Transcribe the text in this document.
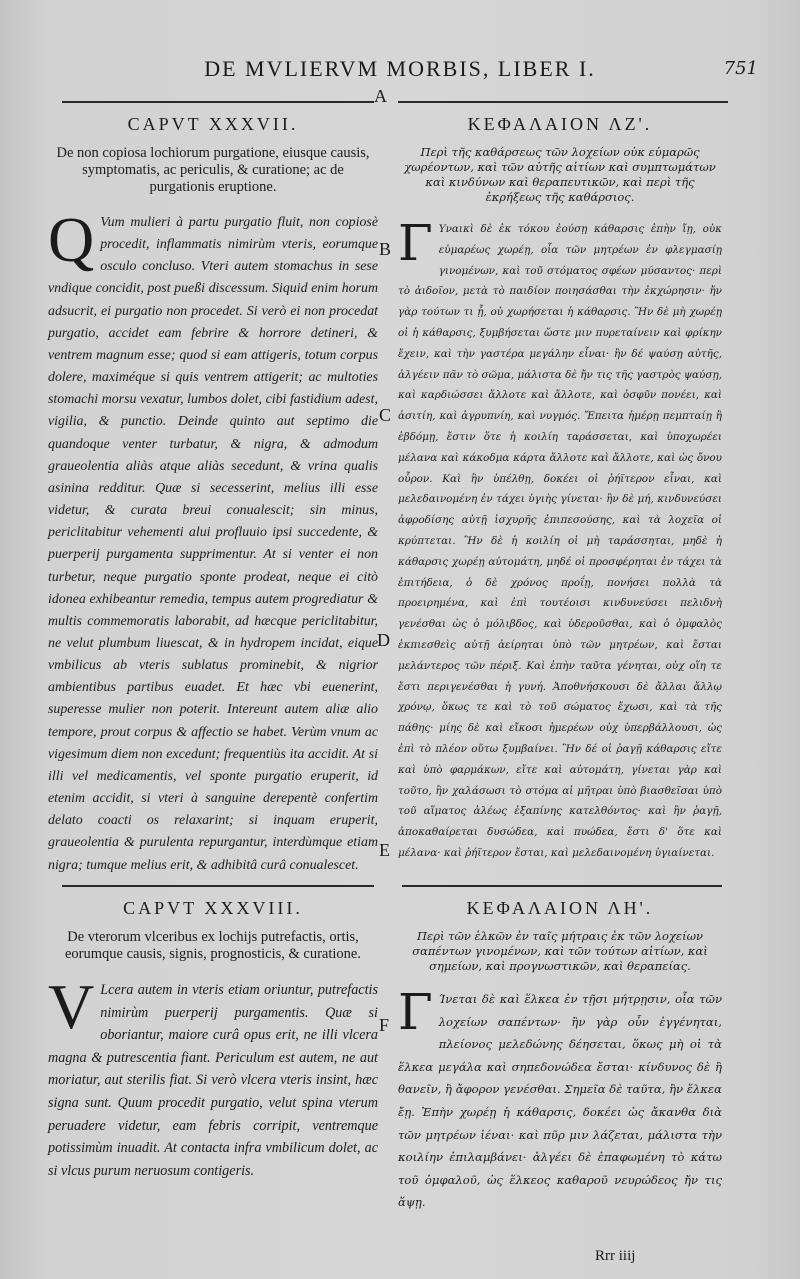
DE MVLIERVM MORBIS, LIBER I.	751
A
B
C
D
E
F
CAPVT XXXVII.
De non copiosa lochiorum purgatione, eiusque causis, symptomatis, ac periculis, & curatione; ac de purgationis eruptione.
Q Vum mulieri à partu purgatio fluit, non copiosè procedit, inflammatis nimirùm vteris, eorumque osculo concluso. Vteri autem stomachus in sese vndique concidit, post pueßi discessum. Siquid enim horum adsucrit, ei purgatio non procedet. Si verò ei non procedat purgatio, accidet eam febrire & horrore detineri, & ventrem magnum esse; quod si eam attigeris, totum corpus dolere, maximéque si quis ventrem attigerit; ac multoties stomachi morsu vexatur, lumbos dolet, cibi fastidium adest, vigilia, & punctio. Deinde quinto aut septimo die quandoque venter turbatur, & nigra, & admodum graueolentia aliàs atque aliàs secedunt, & vrina qualis asinina redditur. Quæ si secesserint, melius illi esse videtur, & curata breui conualescit; sin minus, periclitabitur vehementi alui profluuio ipsi succedente, & puerperij purgamenta supprimentur. At si venter ei non turbetur, neque purgatio sponte prodeat, neque ei citò idonea exhibeantur remedia, tempus autem progrediatur & multis commemoratis laborabit, ad hæcque periclitabitur, ne velut plumbum liuescat, & in hydropem incidat, eique vmbilicus ab vteris sublatus prominebit, & nigrior ambientibus partibus euadet. Et hæc vbi euenerint, superesse mulier non poterit. Intereunt autem aliæ alio tempore, prout corpus & affectio se habet. Verùm vnum ac vigesimum diem non excedunt; frequentiùs ita accidit. At si illi vel medicamentis, vel sponte purgatio eruperit, id etenim accidit, si vteri à sanguine derepentè confertim delato coacti os relaxarint; si inquam eruperit, graueolentia & purulenta repurgantur, interdùmque etiam nigra; tumque melius erit, & adhibitâ curâ conualescet.
ΚΕΦΑΛΑΙΟΝ ΛΖ'.
Περὶ τῆς καθάρσεως τῶν λοχείων οὐκ εὐμαρῶς χωρέοντων, καὶ τῶν αὐτῆς αἰτίων καὶ συμπτωμάτων καὶ κινδύνων καὶ θεραπευτικῶν, καὶ περὶ τῆς ἐκρήξεως τῆς καθάρσιος.
Γ Υναικὶ δὲ ἐκ τόκου ἐούσῃ κάθαρσις ἐπὴν ἴῃ, οὐκ εὐμαρέως χωρέῃ, οἷα τῶν μητρέων ἐν φλεγμασίῃ γινομένων, καὶ τοῦ στόματος σφέων μύσαντος· περὶ τὸ ἀιδοῖον, μετὰ τὸ παιδίον ποιησάσθαι τὴν ἐκχώρησιν· ἤν γὰρ τούτων τι ᾖ, οὐ χωρήσεται ἡ κάθαρσις. Ἢν δὲ μὴ χωρέῃ οἱ ἡ κάθαρσις, ξυμβήσεται ὥστε μιν πυρεταίνειν καὶ φρίκην ἔχειν, καὶ τὴν γαστέρα μεγάλην εἶναι· ἢν δέ ψαύσῃ αὐτῆς, ἀλγέειν πᾶν τὸ σῶμα, μάλιστα δὲ ἤν τις τῆς γαστρὸς ψαύσῃ, καὶ καρδιώσσει ἄλλοτε καὶ ἄλλοτε, καὶ ὀσφῦν πονέει, καὶ ἀσιτίη, καὶ ἀγρυπνίη, καὶ νυγμός. Ἔπειτα ἡμέρῃ πεμπταίῃ ἢ ἑβδόμῃ, ἔστιν ὅτε ἡ κοιλίη ταράσσεται, καὶ ὑποχωρέει μέλανα καὶ κάκοδμα κάρτα ἄλλοτε καὶ ἄλλοτε, καὶ ὡς ὄνου οὖρον. Καὶ ἢν ὑπέλθῃ, δοκέει οἱ ῥήϊτερον εἶναι, καὶ μελεδαινομένη ἐν τάχει ὑγιὴς γίνεται· ἢν δὲ μή, κινδυνεύσει ἀφροδίσης αὐτῇ ἰσχυρῆς ἐπιπεσούσης, καὶ τὰ λοχεῖα οἱ κρύπτεται. Ἢν δὲ ἡ κοιλίη οἱ μὴ ταράσσηται, μηδὲ ἡ κάθαρσις χωρέῃ αὐτομάτη, μηδέ οἱ προσφέρηται ἐν τάχει τὰ ἐπιτήδεια, ὁ δὲ χρόνος προΐῃ, πονήσει πολλὰ τὰ προειρημένα, καὶ ἐπὶ τουτέοισι κινδυνεύσει πελιδνὴ γενέσθαι ὡς ὁ μόλιβδος, καὶ ὑδεροῦσθαι, καὶ ὁ ὀμφαλὸς ἐκπιεσθεὶς αὐτῇ ἀείρηται ὑπὸ τῶν μητρέων, καὶ ἔσται μελάντερος τῶν πέριξ. Καὶ ἐπὴν ταῦτα γένηται, οὐχ οἵη τε ἔστι περιγενέσθαι ἡ γυνή. Ἀποθνήσκουσι δὲ ἄλλαι ἄλλῳ χρόνῳ, ὅκως τε καὶ τὸ τοῦ σώματος ἔχωσι, καὶ τὰ τῆς πάθης· μίης δὲ καὶ εἴκοσι ἡμερέων οὐχ ὑπερβάλλουσι, ὡς ἐπὶ τὸ πλέον οὕτω ξυμβαίνει. Ἢν δέ οἱ ῥαγῇ κάθαρσις εἴτε καὶ ὑπὸ φαρμάκων, εἴτε καὶ αὐτομάτη, γίνεται γὰρ καὶ τοῦτο, ἢν χαλάσωσι τὸ στόμα αἱ μῆτραι ὑπὸ βιασθεῖσαι ὑπὸ τοῦ αἵματος ἀλέως ἐξαπίνης κατελθόντος· καὶ ἢν ῥαγῇ, ἀποκαθαίρεται δυσώδεα, καὶ πυώδεα, ἔστι δ' ὅτε καὶ μέλανα· καὶ ῥήϊτερον ἔσται, καὶ μελεδαινομένη ὑγιαίνεται.
CAPVT XXXVIII.
De vterorum vlceribus ex lochijs putrefactis, ortis, eorumque causis, signis, prognosticis, & curatione.
V Lcera autem in vteris etiam oriuntur, putrefactis nimirùm puerperij purgamentis. Quæ si oboriantur, maiore curâ opus erit, ne illi vlcera magna & putrescentia fiant. Periculum est autem, ne aut moriatur, aut sterilis fiat. Si verò vlcera vteris insint, hæc signa sunt. Quum procedit purgatio, velut spina vterum peruadere videtur, eam febris corripit, ventremque potissimùm inuadit. At contacta infra vmbilicum dolet, ac si vlcus purum neruosum contigeris.
ΚΕΦΑΛΑΙΟΝ ΛΗ'.
Περὶ τῶν ἑλκῶν ἐν ταῖς μήτραις ἐκ τῶν λοχείων σαπέντων γινομένων, καὶ τῶν τούτων αἰτίων, καὶ σημείων, καὶ προγνωστικῶν, καὶ θεραπείας.
Γ Ίνεται δὲ καὶ ἕλκεα ἐν τῇσι μήτρῃσιν, οἷα τῶν λοχείων σαπέντων· ἢν γὰρ οὖν ἐγγένηται, πλείονος μελεδώνης δέησεται, ὅκως μὴ οἱ τὰ ἕλκεα μεγάλα καὶ σηπεδονώδεα ἔσται· κίνδυνος δὲ ἢ θανεῖν, ἢ ἄφορον γενέσθαι. Σημεῖα δὲ ταῦτα, ἢν ἕλκεα ἔῃ. Ἐπὴν χωρέῃ ἡ κάθαρσις, δοκέει ὡς ἄκανθα διὰ τῶν μητρέων ἰέναι· καὶ πῦρ μιν λάζεται, μάλιστα τὴν κοιλίην ἐπιλαμβάνει· ἀλγέει δὲ ἐπαφωμένη τὸ κάτω τοῦ ὀμφαλοῦ, ὡς ἕλκεος καθαροῦ νευρώδεος ἤν τις ἅψῃ.
Rrr iiij
